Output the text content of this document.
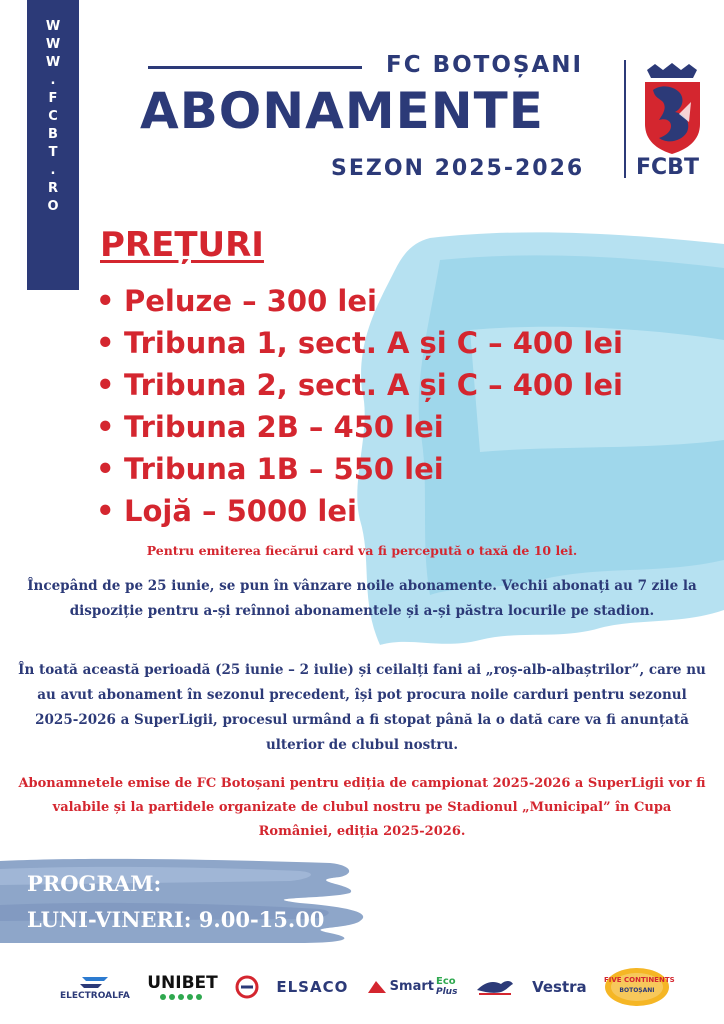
W
W
W
.
F
C
B
T
.
R
O
FC BOTOȘANI
ABONAMENTE
SEZON 2025-2026 FCBT
PREȚURI
• Peluze – 300 lei
• Tribuna 1, sect. A și C – 400 lei
• Tribuna 2, sect. A și C – 400 lei
• Tribuna 2B – 450 lei
• Tribuna 1B – 550 lei
• Lojă – 5000 lei
Pentru emiterea fiecărui card va fi percepută o taxă de 10 lei.
Începând de pe 25 iunie, se pun în vânzare noile abonamente. Vechii abonați au 7 zile la dispoziție pentru a-și reînnoi abonamentele și a-și păstra locurile pe stadion.
În toată această perioadă (25 iunie – 2 iulie) și ceilalți fani ai „roș-alb-albaștrilor”, care nu au avut abonament în sezonul precedent, își pot procura noile carduri pentru sezonul 2025-2026 a SuperLigii, procesul urmând a fi stopat până la o dată care va fi anunțată ulterior de clubul nostru.
Abonamnetele emise de FC Botoșani pentru ediția de campionat 2025-2026 a SuperLigii vor fi valabile și la partidele organizate de clubul nostru pe Stadionul „Municipal” în Cupa României, ediția 2025-2026.
PROGRAM:
LUNI-VINERI: 9.00-15.00
ELECTROALFA
UNIBET	ELSACO	Smart Eco
Plus	Vestra FIVE CONTINENTS
BOTOȘANI
